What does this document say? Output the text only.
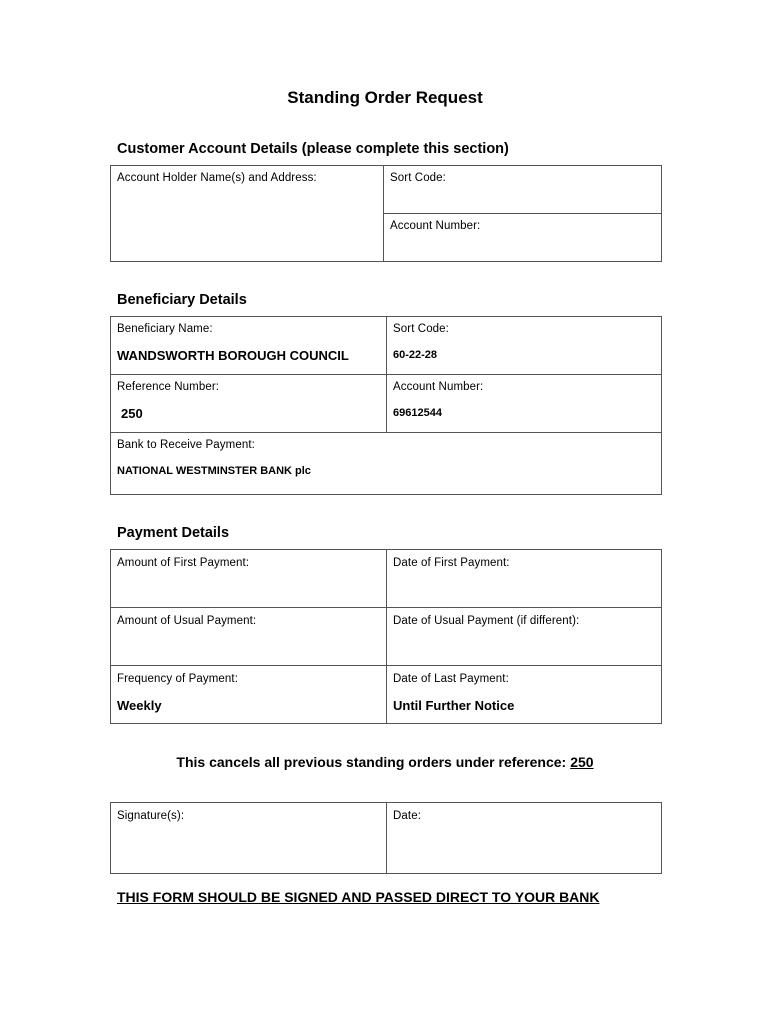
Standing Order Request
Customer Account Details (please complete this section)
Account Holder Name(s) and Address:	Sort Code:
Account Number:
Beneficiary Details
Beneficiary Name:
WANDSWORTH BOROUGH COUNCIL
Sort Code:
60-22-28
Reference Number:
250
Account Number:
69612544
Bank to Receive Payment:
NATIONAL WESTMINSTER BANK plc
Payment Details
Amount of First Payment:	Date of First Payment:
Amount of Usual Payment:	Date of Usual Payment (if different):
Frequency of Payment:
Weekly
Date of Last Payment:
Until Further Notice
This cancels all previous standing orders under reference: 250
Signature(s):	Date:
THIS FORM SHOULD BE SIGNED AND PASSED DIRECT TO YOUR BANK
